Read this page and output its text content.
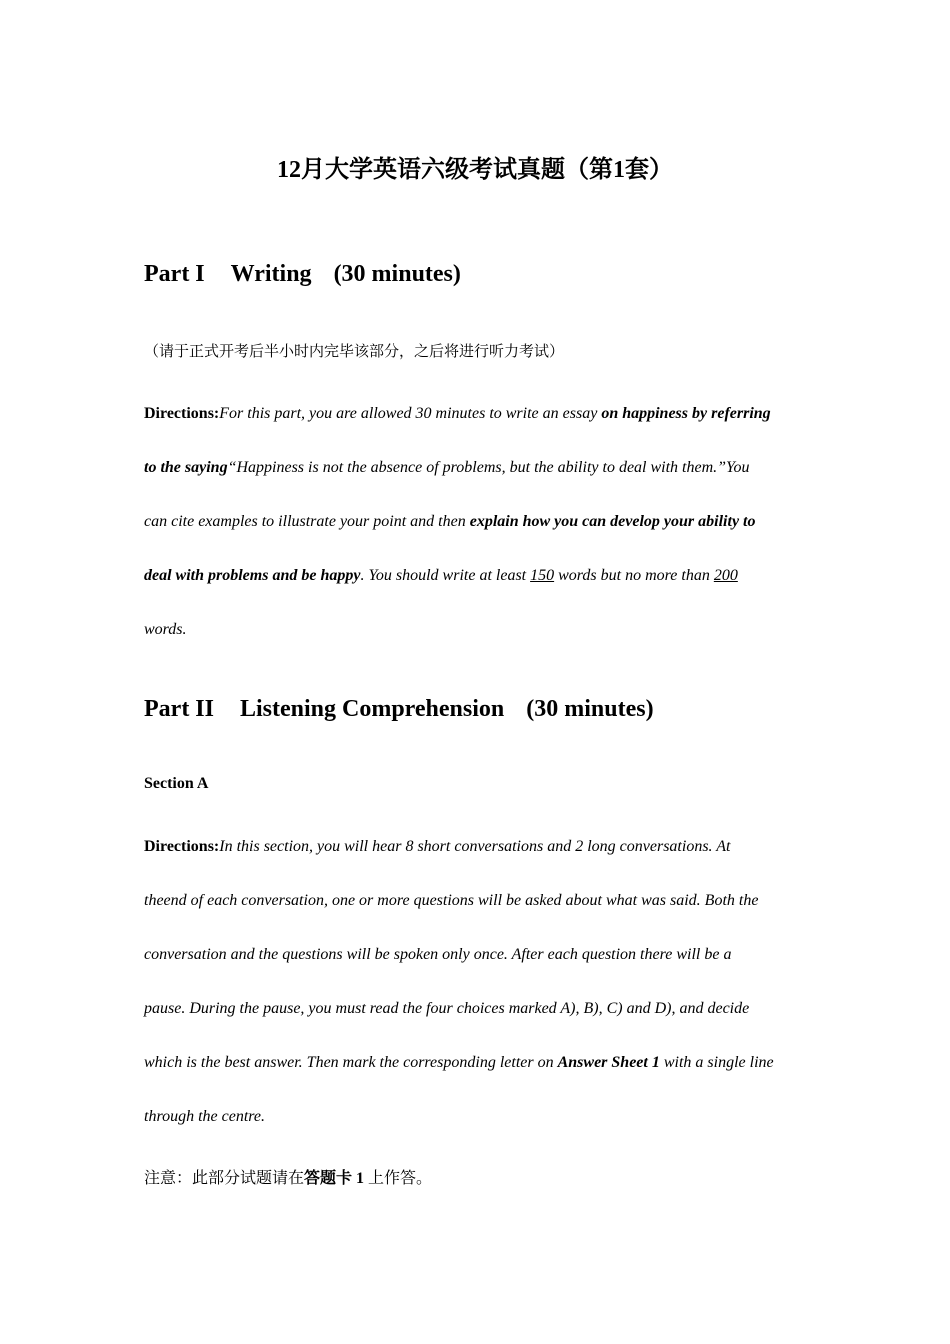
12月大学英语六级考试真题（第1套）
Part I Writing (30 minutes)
（请于正式开考后半小时内完毕该部分，之后将进行听力考试）
Directions:For this part, you are allowed 30 minutes to write an essay on happiness by referring
to the saying“Happiness is not the absence of problems, but the ability to deal with them.”You
can cite examples to illustrate your point and then explain how you can develop your ability to
deal with problems and be happy. You should write at least 150 words but no more than 200
words.
Part II Listening Comprehension (30 minutes)
Section A
Directions:In this section, you will hear 8 short conversations and 2 long conversations. At
theend of each conversation, one or more questions will be asked about what was said. Both the
conversation and the questions will be spoken only once. After each question there will be a
pause. During the pause, you must read the four choices marked A), B), C) and D), and decide
which is the best answer. Then mark the corresponding letter on Answer Sheet 1 with a single line
through the centre.
注意：此部分试题请在答题卡 1 上作答。
